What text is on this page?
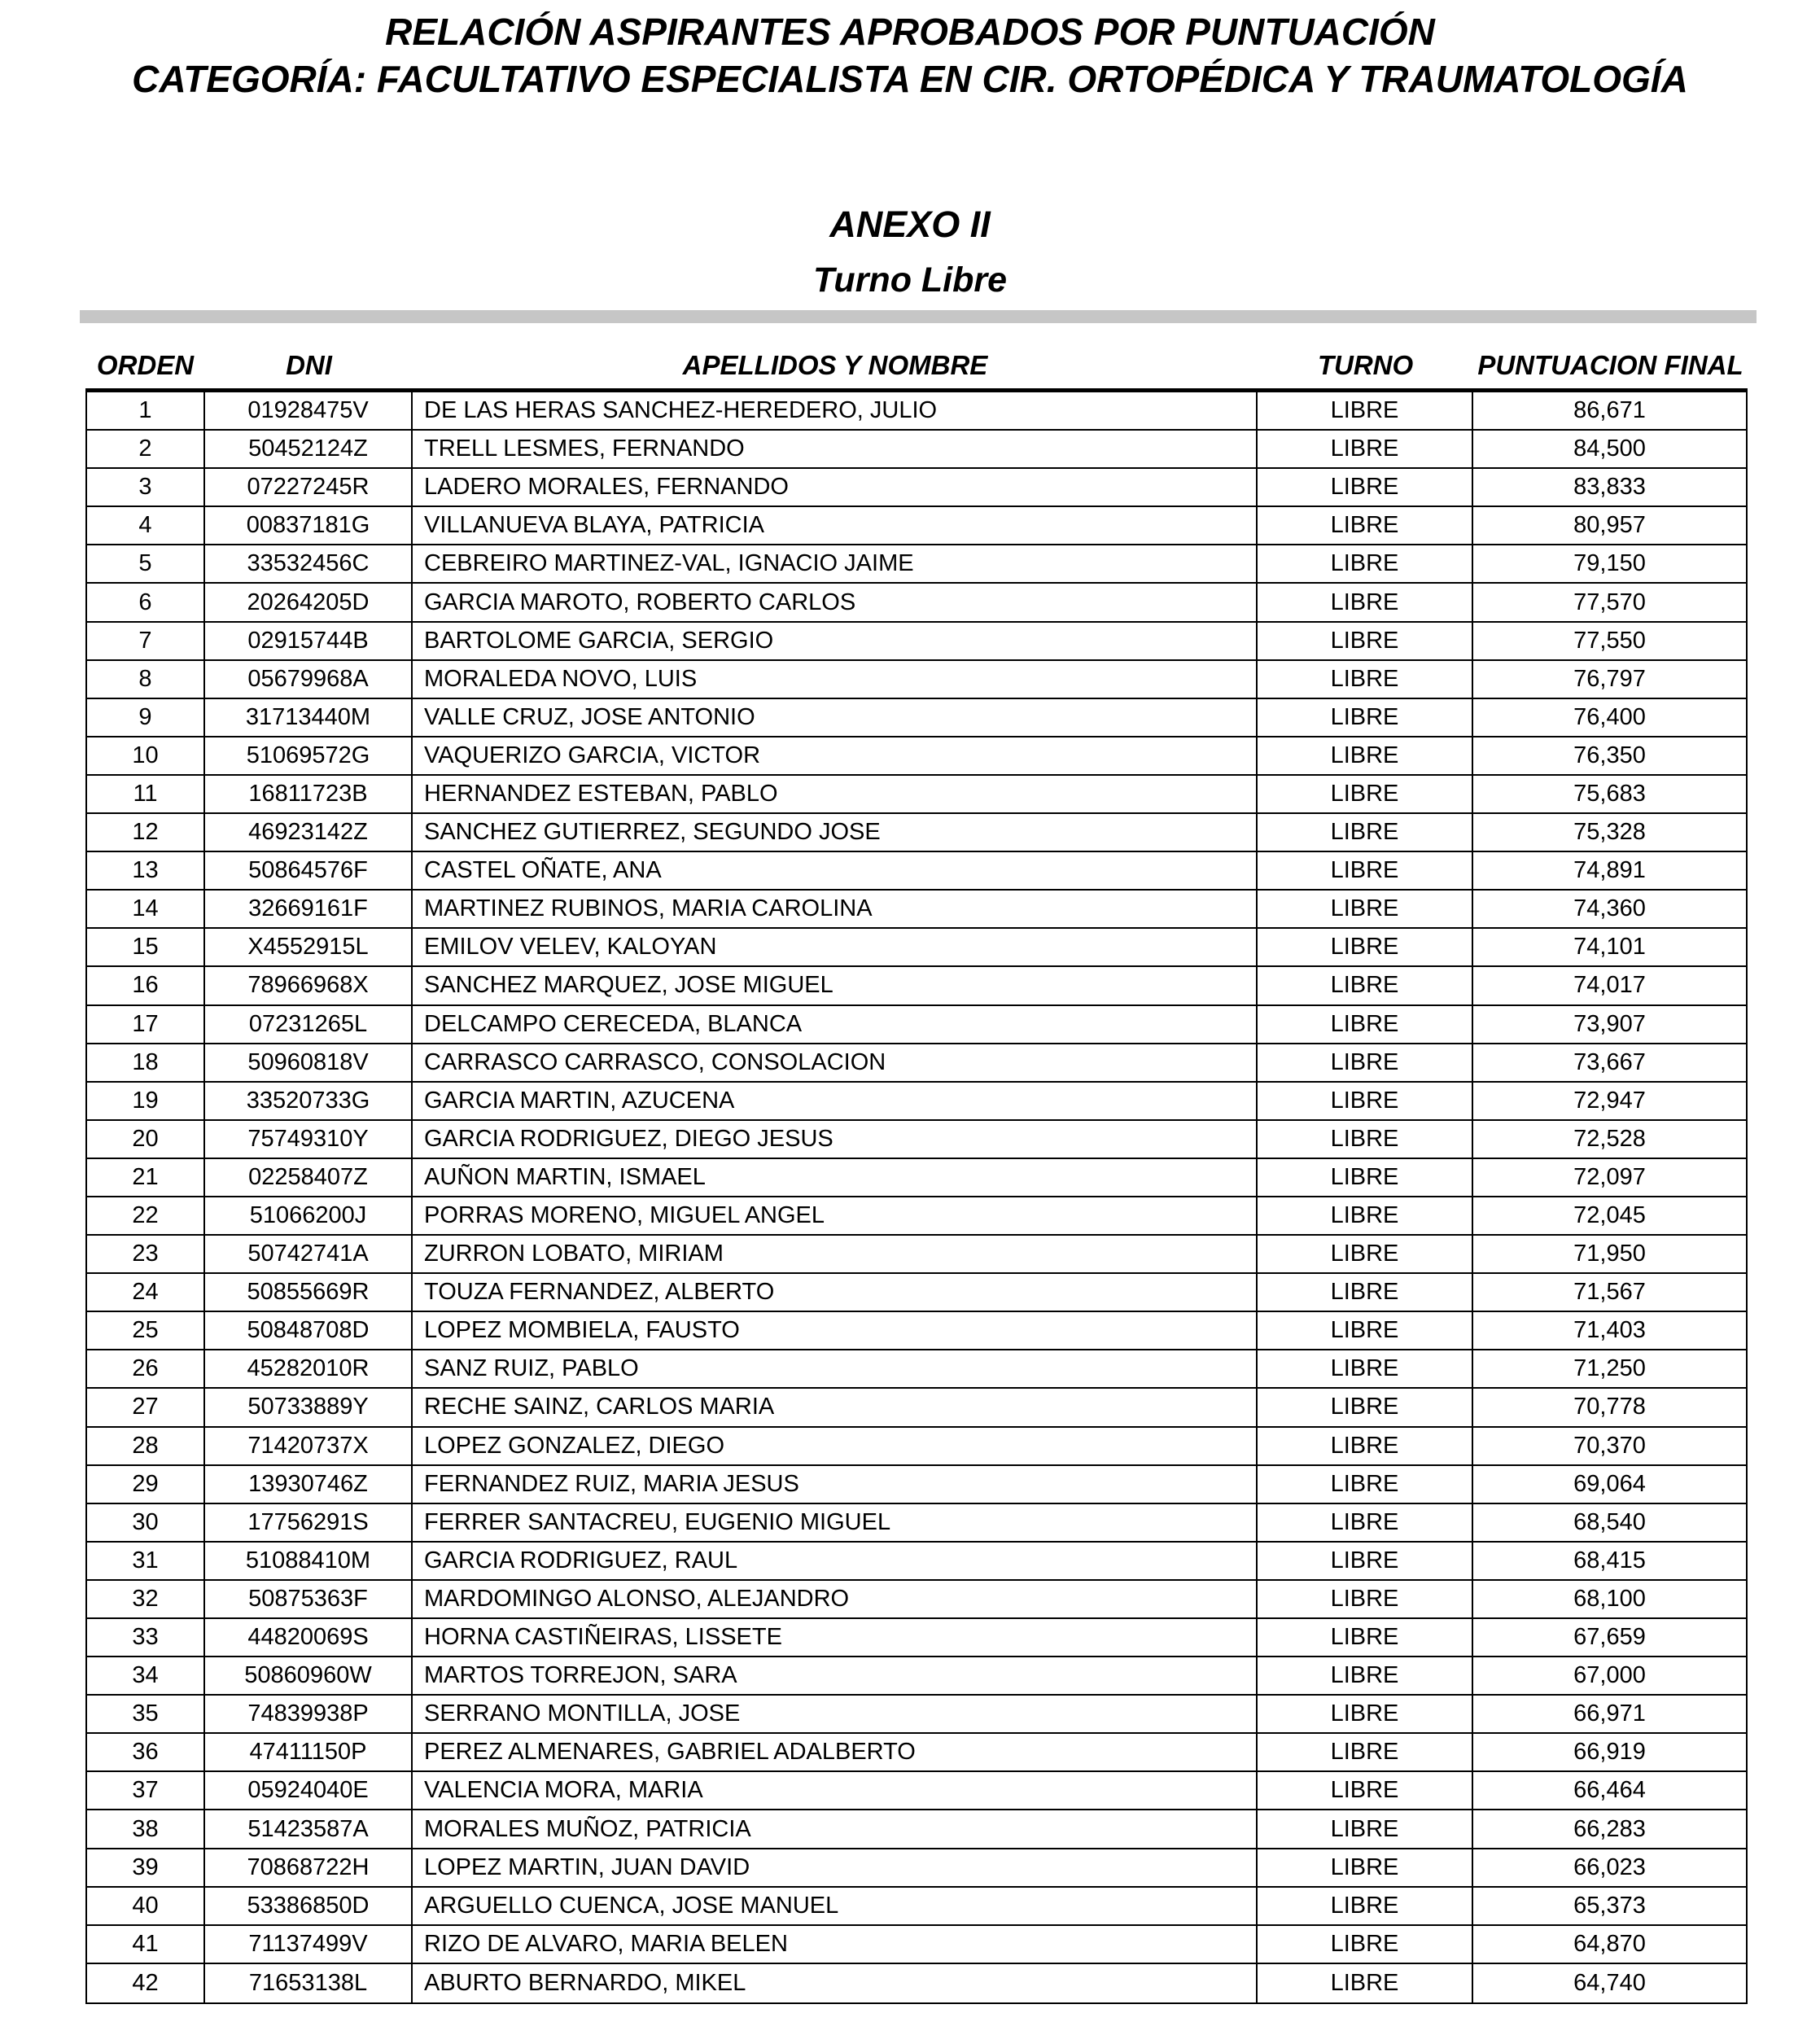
RELACIÓN ASPIRANTES APROBADOS POR PUNTUACIÓN
CATEGORÍA: FACULTATIVO ESPECIALISTA EN CIR. ORTOPÉDICA Y TRAUMATOLOGÍA
ANEXO II
Turno Libre
ORDEN	DNI	APELLIDOS Y NOMBRE	TURNO	PUNTUACION FINAL
1	01928475V	DE LAS HERAS SANCHEZ-HEREDERO, JULIO	LIBRE	86,671
2	50452124Z	TRELL LESMES, FERNANDO	LIBRE	84,500
3	07227245R	LADERO MORALES, FERNANDO	LIBRE	83,833
4	00837181G	VILLANUEVA BLAYA, PATRICIA	LIBRE	80,957
5	33532456C	CEBREIRO MARTINEZ-VAL, IGNACIO JAIME	LIBRE	79,150
6	20264205D	GARCIA MAROTO, ROBERTO CARLOS	LIBRE	77,570
7	02915744B	BARTOLOME GARCIA, SERGIO	LIBRE	77,550
8	05679968A	MORALEDA NOVO, LUIS	LIBRE	76,797
9	31713440M	VALLE CRUZ, JOSE ANTONIO	LIBRE	76,400
10	51069572G	VAQUERIZO GARCIA, VICTOR	LIBRE	76,350
11	16811723B	HERNANDEZ ESTEBAN, PABLO	LIBRE	75,683
12	46923142Z	SANCHEZ GUTIERREZ, SEGUNDO JOSE	LIBRE	75,328
13	50864576F	CASTEL OÑATE, ANA	LIBRE	74,891
14	32669161F	MARTINEZ RUBINOS, MARIA CAROLINA	LIBRE	74,360
15	X4552915L	EMILOV VELEV, KALOYAN	LIBRE	74,101
16	78966968X	SANCHEZ MARQUEZ, JOSE MIGUEL	LIBRE	74,017
17	07231265L	DELCAMPO CERECEDA, BLANCA	LIBRE	73,907
18	50960818V	CARRASCO CARRASCO, CONSOLACION	LIBRE	73,667
19	33520733G	GARCIA MARTIN, AZUCENA	LIBRE	72,947
20	75749310Y	GARCIA RODRIGUEZ, DIEGO JESUS	LIBRE	72,528
21	02258407Z	AUÑON MARTIN, ISMAEL	LIBRE	72,097
22	51066200J	PORRAS MORENO, MIGUEL ANGEL	LIBRE	72,045
23	50742741A	ZURRON LOBATO, MIRIAM	LIBRE	71,950
24	50855669R	TOUZA FERNANDEZ, ALBERTO	LIBRE	71,567
25	50848708D	LOPEZ MOMBIELA, FAUSTO	LIBRE	71,403
26	45282010R	SANZ RUIZ, PABLO	LIBRE	71,250
27	50733889Y	RECHE SAINZ, CARLOS MARIA	LIBRE	70,778
28	71420737X	LOPEZ GONZALEZ, DIEGO	LIBRE	70,370
29	13930746Z	FERNANDEZ RUIZ, MARIA JESUS	LIBRE	69,064
30	17756291S	FERRER SANTACREU, EUGENIO MIGUEL	LIBRE	68,540
31	51088410M	GARCIA RODRIGUEZ, RAUL	LIBRE	68,415
32	50875363F	MARDOMINGO ALONSO, ALEJANDRO	LIBRE	68,100
33	44820069S	HORNA CASTIÑEIRAS, LISSETE	LIBRE	67,659
34	50860960W	MARTOS TORREJON, SARA	LIBRE	67,000
35	74839938P	SERRANO MONTILLA, JOSE	LIBRE	66,971
36	47411150P	PEREZ ALMENARES, GABRIEL ADALBERTO	LIBRE	66,919
37	05924040E	VALENCIA MORA, MARIA	LIBRE	66,464
38	51423587A	MORALES MUÑOZ, PATRICIA	LIBRE	66,283
39	70868722H	LOPEZ MARTIN, JUAN DAVID	LIBRE	66,023
40	53386850D	ARGUELLO CUENCA, JOSE MANUEL	LIBRE	65,373
41	71137499V	RIZO DE ALVARO, MARIA BELEN	LIBRE	64,870
42	71653138L	ABURTO BERNARDO, MIKEL	LIBRE	64,740
